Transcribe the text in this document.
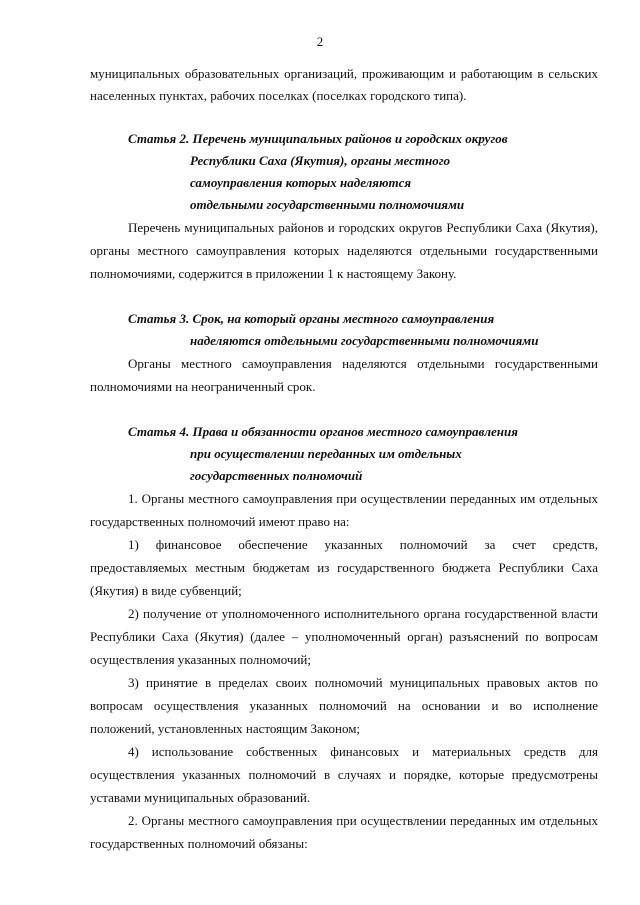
2
муниципальных образовательных организаций, проживающим и работающим в сельских
населенных пунктах, рабочих поселках (поселках городского типа).
Статья 2. Перечень муниципальных районов и городских округов
Республики Саха (Якутия), органы местного
самоуправления которых наделяются
отдельными государственными полномочиями
Перечень муниципальных районов и городских округов Республики Саха (Якутия),
органы местного самоуправления которых наделяются отдельными государственными
полномочиями, содержится в приложении 1 к настоящему Закону.
Статья 3. Срок, на который органы местного самоуправления
наделяются отдельными государственными полномочиями
Органы местного самоуправления наделяются отдельными государственными
полномочиями на неограниченный срок.
Статья 4. Права и обязанности органов местного самоуправления
при осуществлении переданных им отдельных
государственных полномочий
1. Органы местного самоуправления при осуществлении переданных им отдельных
государственных полномочий имеют право на:
1) финансовое обеспечение указанных полномочий за счет средств,
предоставляемых местным бюджетам из государственного бюджета Республики Саха
(Якутия) в виде субвенций;
2) получение от уполномоченного исполнительного органа государственной власти
Республики Саха (Якутия) (далее – уполномоченный орган) разъяснений по вопросам
осуществления указанных полномочий;
3) принятие в пределах своих полномочий муниципальных правовых актов по
вопросам осуществления указанных полномочий на основании и во исполнение
положений, установленных настоящим Законом;
4) использование собственных финансовых и материальных средств для
осуществления указанных полномочий в случаях и порядке, которые предусмотрены
уставами муниципальных образований.
2. Органы местного самоуправления при осуществлении переданных им отдельных
государственных полномочий обязаны:
